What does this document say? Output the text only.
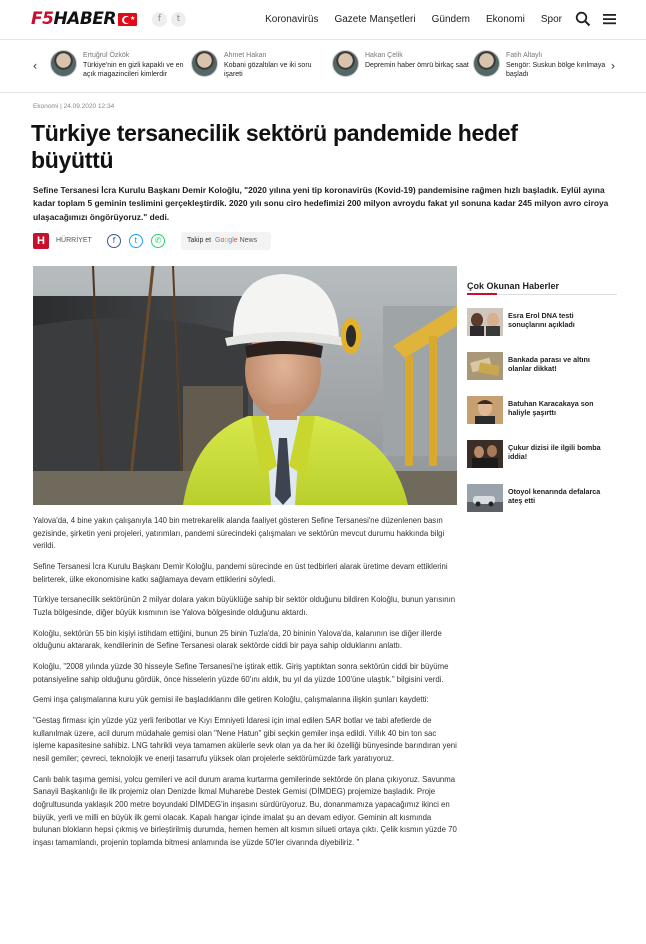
F5HABER ★	f	t	Koronavirüs Gazete Manşetleri Gündem Ekonomi Spor
‹
Ertuğrul Özkök
Türkiye'nin en gizli kapaklı ve en açık magazincileri kimlerdir
Ahmet Hakan
Kobani gözaltıları ve iki soru işareti
Hakan Çelik
Depremin haber ömrü birkaç saat
Fatih Altaylı
Sengör: Suskun bölge kırılmaya başladı
›
Ekonomi | 24.09.2020 12:34
Türkiye tersanecilik sektörü pandemide hedef büyüttü
Sefine Tersanesi İcra Kurulu Başkanı Demir Koloğlu, "2020 yılına yeni tip koronavirüs (Kovid-19) pandemisine rağmen hızlı başladık. Eylül ayına kadar toplam 5 geminin teslimini gerçekleştirdik. 2020 yılı sonu ciro hedefimizi 200 milyon avroydu fakat yıl sonuna kadar 245 milyon avro ciroya ulaşacağımızı öngörüyoruz." dedi.
H	HÜRRİYET	f	t	✆	Takip et Google News

Yalova'da, 4 bine yakın çalışanıyla 140 bin metrekarelik alanda faaliyet gösteren Sefine Tersanesi'ne düzenlenen basın gezisinde, şirketin yeni projeleri, yatırımları, pandemi sürecindeki çalışmaları ve sektörün mevcut durumu hakkında bilgi verildi.

Sefine Tersanesi İcra Kurulu Başkanı Demir Koloğlu, pandemi sürecinde en üst tedbirleri alarak üretime devam ettiklerini belirterek, ülke ekonomisine katkı sağlamaya devam ettiklerini söyledi.

Türkiye tersanecilik sektörünün 2 milyar dolara yakın büyüklüğe sahip bir sektör olduğunu bildiren Koloğlu, bunun yarısının Tuzla bölgesinde, diğer büyük kısmının ise Yalova bölgesinde olduğunu aktardı.

Koloğlu, sektörün 55 bin kişiyi istihdam ettiğini, bunun 25 binin Tuzla'da, 20 bininin Yalova'da, kalanının ise diğer illerde olduğunu aktararak, kendilerinin de Sefine Tersanesi olarak sektörde ciddi bir paya sahip olduklarını anlattı.

Koloğlu, "2008 yılında yüzde 30 hisseyle Sefine Tersanesi'ne iştirak ettik. Giriş yaptıktan sonra sektörün ciddi bir büyüme potansiyeline sahip olduğunu gördük, önce hisselerin yüzde 60'ını aldık, bu yıl da yüzde 100'üne ulaştık." bilgisini verdi.

Gemi inşa çalışmalarına kuru yük gemisi ile başladıklarını dile getiren Koloğlu, çalışmalarına ilişkin şunları kaydetti:

"Gestaş firması için yüzde yüz yerli feribotlar ve Kıyı Emniyeti İdaresi için imal edilen SAR botlar ve tabi afetlerde de kullanılmak üzere, acil durum müdahale gemisi olan "Nene Hatun" gibi seçkin gemiler inşa edildi. Yıllık 40 bin ton sac işleme kapasitesine sahibiz. LNG tahrikli veya tamamen akülerle sevk olan ya da her iki özelliği bünyesinde barındıran yeni nesil gemiler; çevreci, teknolojik ve enerji tasarrufu yüksek olan projelerle sektörümüzde fark yaratıyoruz.

Canlı balık taşıma gemisi, yolcu gemileri ve acil durum arama kurtarma gemilerinde sektörde ön plana çıkıyoruz. Savunma Sanayii Başkanlığı ile ilk projemiz olan Denizde İkmal Muharebe Destek Gemisi (DİMDEG) projemize başladık. Proje doğrultusunda yaklaşık 200 metre boyundaki DİMDEG'in inşasını sürdürüyoruz. Bu, donanmamıza yapacağımız ikinci en büyük, yerli ve milli en büyük ilk gemi olacak. Kapalı hangar içinde imalat şu an devam ediyor. Geminin alt kısmında bulunan blokların hepsi çıkmış ve birleştirilmiş durumda, hemen hemen alt kısmın silueti ortaya çıktı. Çelik kısmın yüzde 70 inşası tamamlandı, projenin toplamda bitmesi anlamında ise yüzde 50'ler civarında diyebiliriz. "

Çok Okunan Haberler
Esra Erol DNA testi sonuçlarını açıkladı
Bankada parası ve altını olanlar dikkat!
Batuhan Karacakaya son haliyle şaşırttı
Çukur dizisi ile ilgili bomba iddia!
Otoyol kenarında defalarca ateş etti
